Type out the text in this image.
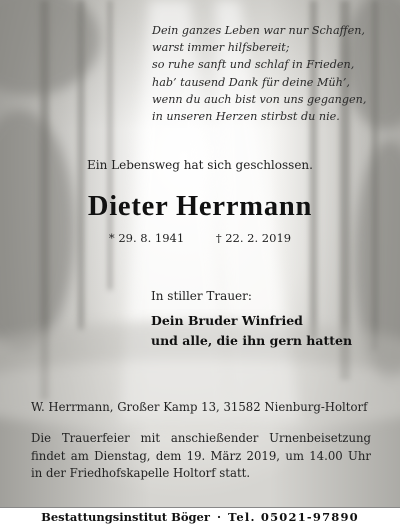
Dein ganzes Leben war nur Schaffen,
warst immer hilfsbereit;
so ruhe sanft und schlaf in Frieden,
hab’ tausend Dank für deine Müh’,
wenn du auch bist von uns gegangen,
in unseren Herzen stirbst du nie.
Ein Lebensweg hat sich geschlossen.
Dieter Herrmann
* 29. 8. 1941	† 22. 2. 2019
In stiller Trauer:
Dein Bruder Winfried
und alle, die ihn gern hatten
W. Herrmann, Großer Kamp 13, 31582 Nienburg-Holtorf
Die Trauerfeier mit anschießender Urnenbeisetzung findet am Dienstag, dem 19. März 2019, um 14.00 Uhr in der Friedhofskapelle Holtorf statt.
Bestattungsinstitut Böger · Tel. 05021-97890
